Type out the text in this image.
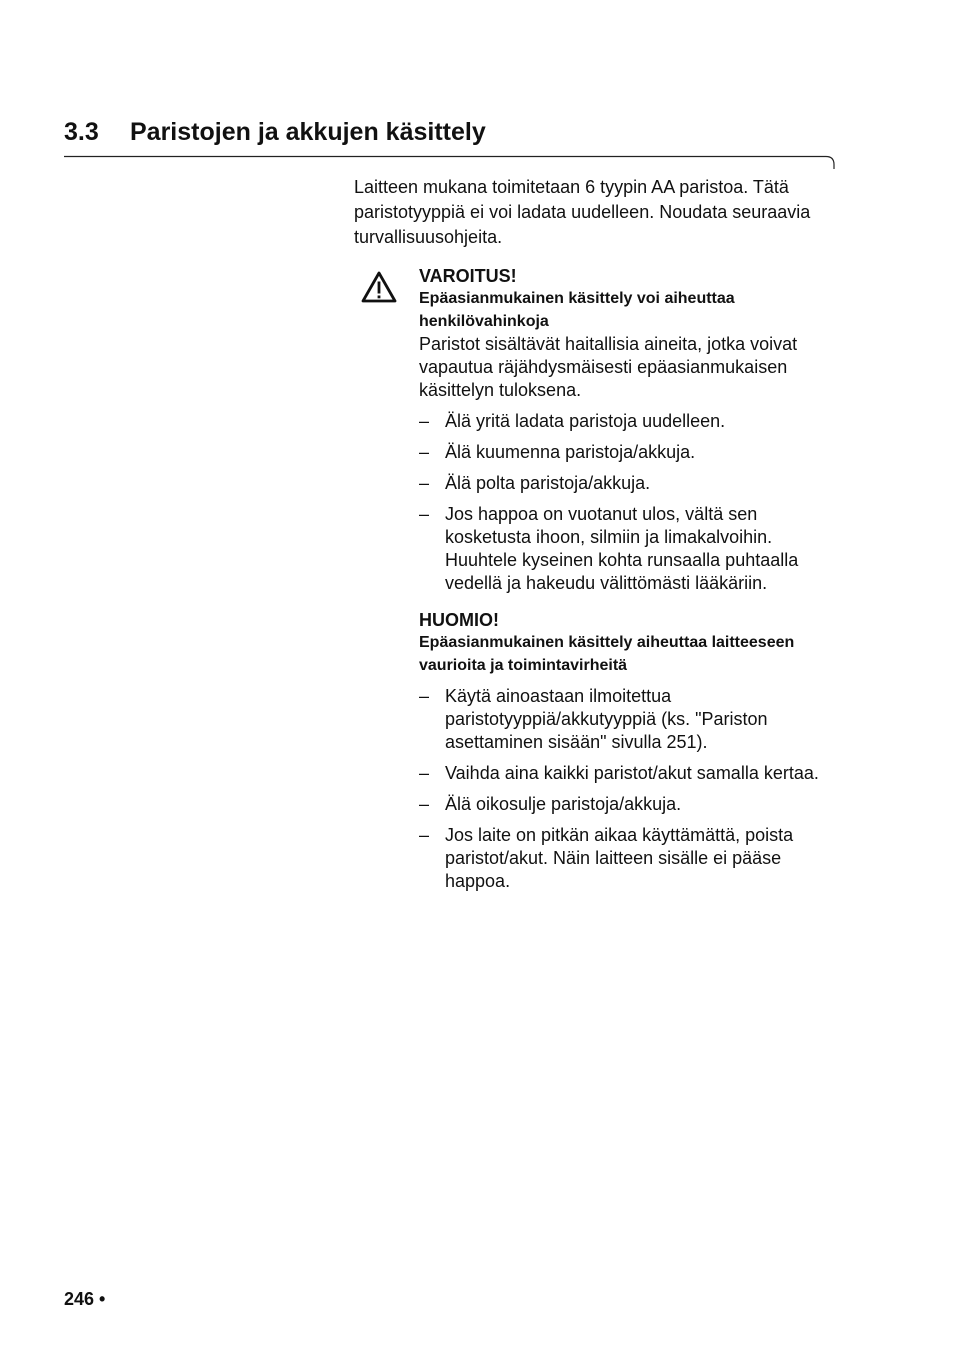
3.3 Paristojen ja akkujen käsittely

Laitteen mukana toimitetaan 6 tyypin AA paristoa. Tätä paristotyyppiä ei voi ladata uudelleen. Noudata seuraavia turvallisuusohjeita.

VAROITUS!

Epäasianmukainen käsittely voi aiheuttaa henkilövahinkoja

Paristot sisältävät haitallisia aineita, jotka voivat vapautua räjähdysmäisesti epäasianmukaisen käsittelyn tuloksena.

– Älä yritä ladata paristoja uudelleen.
– Älä kuumenna paristoja/akkuja.
– Älä polta paristoja/akkuja.
– Jos happoa on vuotanut ulos, vältä sen kosketusta ihoon, silmiin ja limakalvoihin. Huuhtele kyseinen kohta runsaalla puhtaalla vedellä ja hakeudu välittömästi lääkäriin.

HUOMIO!

Epäasianmukainen käsittely aiheuttaa laitteeseen vaurioita ja toimintavirheitä

– Käytä ainoastaan ilmoitettua paristotyyppiä/akkutyyppiä (ks. "Pariston asettaminen sisään" sivulla 251).
– Vaihda aina kaikki paristot/akut samalla kertaa.
– Älä oikosulje paristoja/akkuja.
– Jos laite on pitkän aikaa käyttämättä, poista paristot/akut. Näin laitteen sisälle ei pääse happoa.
246 •
